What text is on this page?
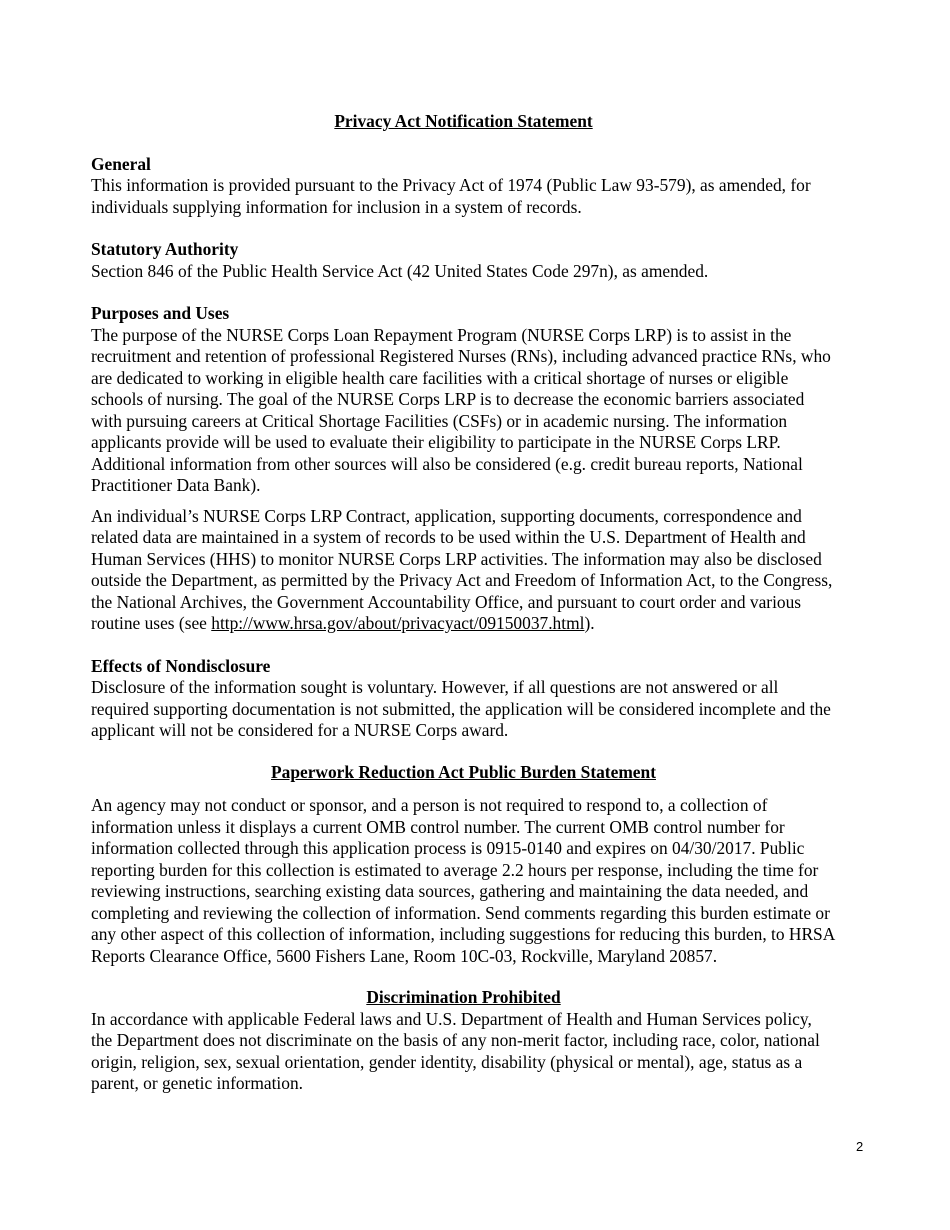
Privacy Act Notification Statement

General

This information is provided pursuant to the Privacy Act of 1974 (Public Law 93-579), as amended, for individuals supplying information for inclusion in a system of records.

Statutory Authority

Section 846 of the Public Health Service Act (42 United States Code 297n), as amended.

Purposes and Uses

The purpose of the NURSE Corps Loan Repayment Program (NURSE Corps LRP) is to assist in the recruitment and retention of professional Registered Nurses (RNs), including advanced practice RNs, who are dedicated to working in eligible health care facilities with a critical shortage of nurses or eligible schools of nursing. The goal of the NURSE Corps LRP is to decrease the economic barriers associated with pursuing careers at Critical Shortage Facilities (CSFs) or in academic nursing. The information applicants provide will be used to evaluate their eligibility to participate in the NURSE Corps LRP. Additional information from other sources will also be considered (e.g. credit bureau reports, National Practitioner Data Bank).

An individual’s NURSE Corps LRP Contract, application, supporting documents, correspondence and related data are maintained in a system of records to be used within the U.S. Department of Health and Human Services (HHS) to monitor NURSE Corps LRP activities. The information may also be disclosed outside the Department, as permitted by the Privacy Act and Freedom of Information Act, to the Congress, the National Archives, the Government Accountability Office, and pursuant to court order and various routine uses (see http://www.hrsa.gov/about/privacyact/09150037.html).

Effects of Nondisclosure

Disclosure of the information sought is voluntary. However, if all questions are not answered or all required supporting documentation is not submitted, the application will be considered incomplete and the applicant will not be considered for a NURSE Corps award.

Paperwork Reduction Act Public Burden Statement

An agency may not conduct or sponsor, and a person is not required to respond to, a collection of information unless it displays a current OMB control number. The current OMB control number for information collected through this application process is 0915-0140 and expires on 04/30/2017. Public reporting burden for this collection is estimated to average 2.2 hours per response, including the time for reviewing instructions, searching existing data sources, gathering and maintaining the data needed, and completing and reviewing the collection of information. Send comments regarding this burden estimate or any other aspect of this collection of information, including suggestions for reducing this burden, to HRSA Reports Clearance Office, 5600 Fishers Lane, Room 10C-03, Rockville, Maryland 20857.

Discrimination Prohibited

In accordance with applicable Federal laws and U.S. Department of Health and Human Services policy, the Department does not discriminate on the basis of any non-merit factor, including race, color, national origin, religion, sex, sexual orientation, gender identity, disability (physical or mental), age, status as a parent, or genetic information.

2
